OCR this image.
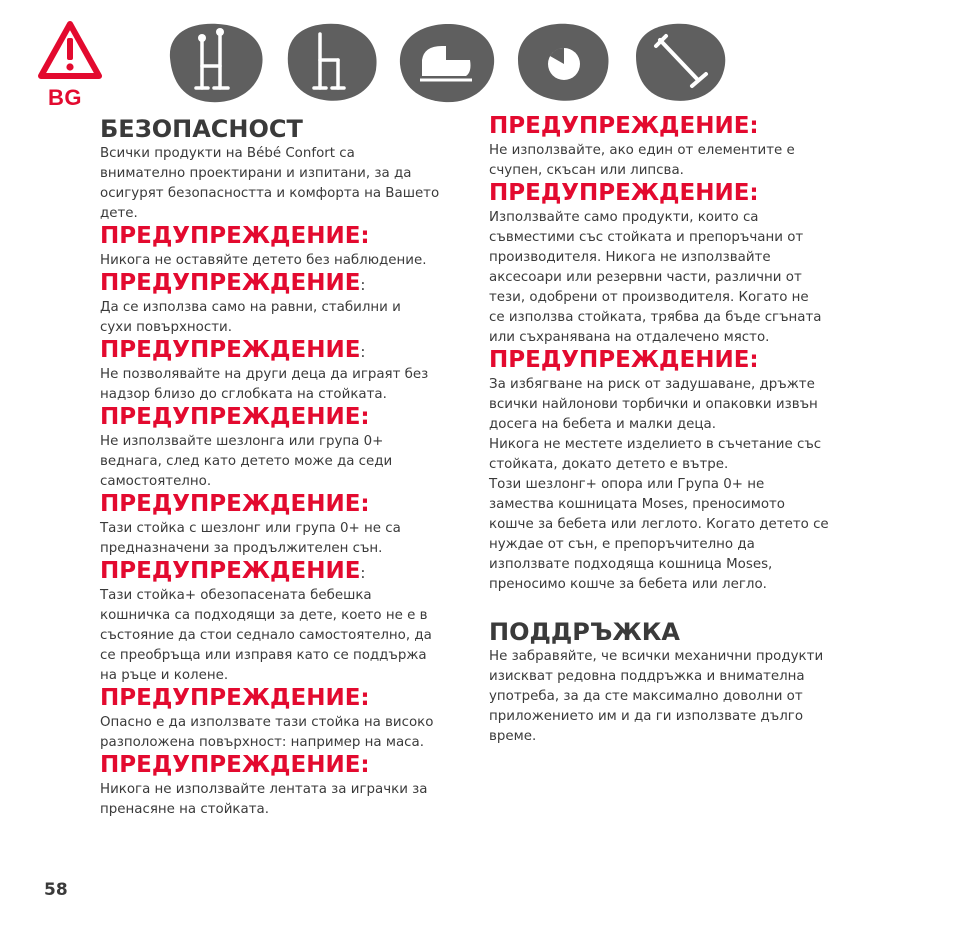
BG
БЕЗОПАСНОСТ

Всички продукти на Bébé Confort са
внимателно проектирани и изпитани, за да
осигурят безопасността и комфорта на Вашето
дете.

ПРЕДУПРЕЖДЕНИЕ:

Никога не оставяйте детето без наблюдение.

ПРЕДУПРЕЖДЕНИЕ:

Да се използва само на равни, стабилни и
сухи повърхности.

ПРЕДУПРЕЖДЕНИЕ:

Не позволявайте на други деца да играят без
надзор близо до сглобката на стойката.

ПРЕДУПРЕЖДЕНИЕ:

Не използвайте шезлонга или група 0+
веднага, след като детето може да седи
самостоятелно.

ПРЕДУПРЕЖДЕНИЕ:

Тази стойка с шезлонг или група 0+ не са
предназначени за продължителен сън.

ПРЕДУПРЕЖДЕНИЕ:

Тази стойка+ обезопасената бебешка
кошничка са подходящи за дете, което не е в
състояние да стои седнало самостоятелно, да
се преобръща или изправя като се поддържа
на ръце и колене.

ПРЕДУПРЕЖДЕНИЕ:

Опасно е да използвате тази стойка на високо
разположена повърхност: например на маса.

ПРЕДУПРЕЖДЕНИЕ:

Никога не използвайте лентата за играчки за
пренасяне на стойката.

ПРЕДУПРЕЖДЕНИЕ:

Не използвайте, ако един от елементите е
счупен, скъсан или липсва.

ПРЕДУПРЕЖДЕНИЕ:

Използвайте само продукти, които са
съвместими със стойката и препоръчани от
производителя. Никога не използвайте
аксесоари или резервни части, различни от
тези, одобрени от производителя. Когато не
се използва стойката, трябва да бъде сгъната
или съхранявана на отдалечено място.

ПРЕДУПРЕЖДЕНИЕ:

За избягване на риск от задушаване, дръжте
всички найлонови торбички и опаковки извън
досега на бебета и малки деца.
Никога не местете изделието в съчетание със
стойката, докато детето е вътре.
Този шезлонг+ опора или Група 0+ не
замества кошницата Moses, преносимото
кошче за бебета или леглото. Когато детето се
нуждае от сън, е препоръчително да
използвате подходяща кошница Moses,
преносимо кошче за бебета или легло.

ПОДДРЪЖКА

Не забравяйте, че всички механични продукти
изискват редовна поддръжка и внимателна
употреба, за да сте максимално доволни от
приложението им и да ги използвате дълго
време.

58
